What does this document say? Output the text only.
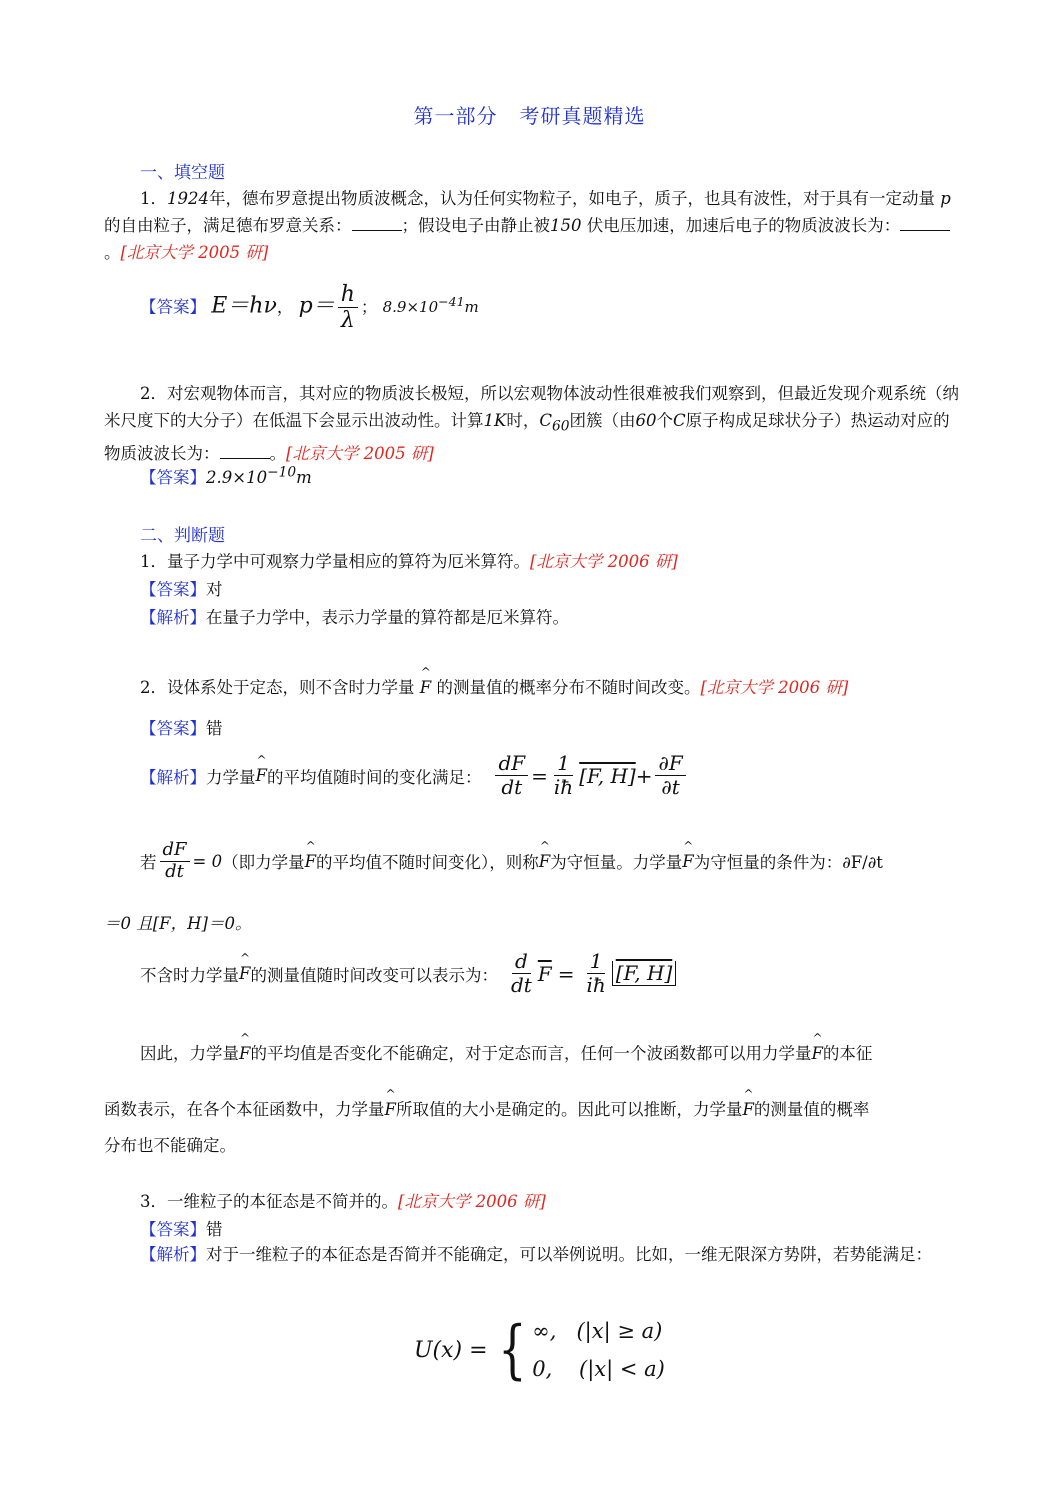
第一部分 考研真题精选
一、填空题
1．1924年，德布罗意提出物质波概念，认为任何实物粒子，如电子，质子，也具有波性，对于具有一定动量 p 的自由粒子，满足德布罗意关系：	；假设电子由静止被150 伏电压加速，加速后电子的物质波波长为：。[北京大学 2005 研]
【答案】 E＝hν， $p= \frac{h}{\lambda}$ ； $8.9\times 10^{-41}m$
2．对宏观物体而言，其对应的物质波长极短，所以宏观物体波动性很难被我们观察到，但最近发现介观系统（纳米尺度下的大分子）在低温下会显示出波动性。计算1K时，$C_{60}$团簇（由60个C原子构成足球状分子）热运动对应的物质波波长为：	。[北京大学 2005 研]
【答案】$2.9\times 10^{-10}m$
二、判断题
1．量子力学中可观察力学量相应的算符为厄米算符。[北京大学 2006 研]
【答案】对
【解析】在量子力学中，表示力学量的算符都是厄米算符。
2．设体系处于定态，则不含时力学量 ^ F 的测量值的概率分布不随时间改变。[北京大学 2006 研]
【答案】错
【解析】 力学量 ^ F 的平均值随时间的变化满足： $\frac{dF}{dt} = \frac{1}{iħ} [F$, $H] + \frac{\partial F}{\partial t}$
若 $\frac{dF}{dt} = 0$ （即力学量 ^ F 的平均值不随时间变化），则称 ^ F 为守恒量。力学量 ^ F 为守恒量的条件为：∂F/∂t
＝0 且[F，H]＝0。
不含时力学量 ^ F 的测量值随时间改变可以表示为： $\frac{d}{dt} \overline{F} = \frac{1}{iħ} [F$, H]
因此，力学量^ F的平均值是否变化不能确定，对于定态而言，任何一个波函数都可以用力学量^ F的本征
函数表示，在各个本征函数中，力学量^ F所取值的大小是确定的。因此可以推断，力学量^ F的测量值的概率
分布也不能确定。
3．一维粒子的本征态是不简并的。[北京大学 2006 研]
【答案】错
【解析】对于一维粒子的本征态是否简并不能确定，可以举例说明。比如，一维无限深方势阱，若势能满足：
U(x) = { ∞, (|x| ≥ a)
0, (|x| < a)
